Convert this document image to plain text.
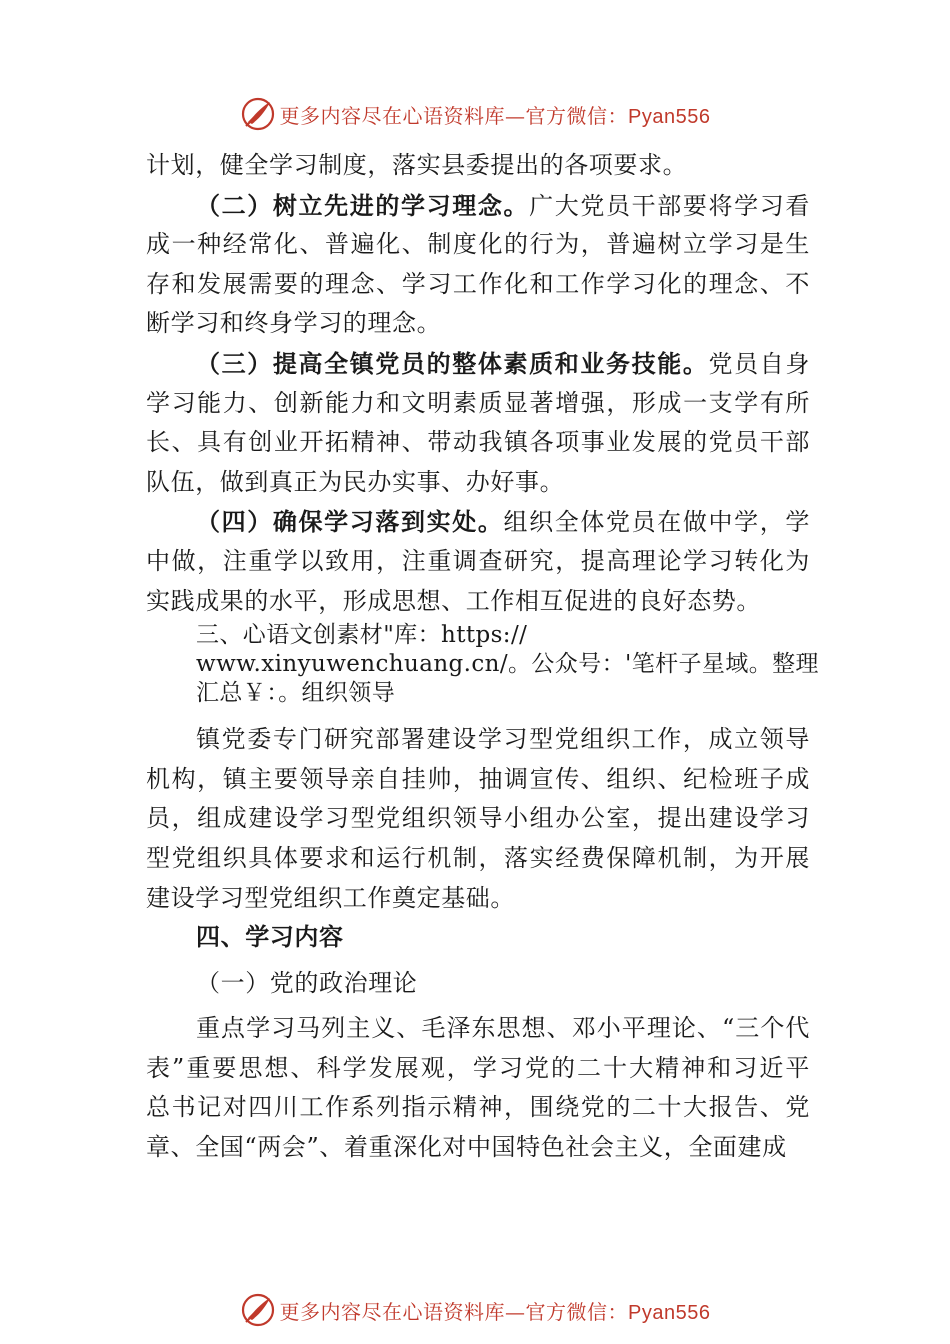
更多内容尽在心语资料库—官方微信：Pyan556
计划，健全学习制度，落实县委提出的各项要求。
（二）树立先进的学习理念。广大党员干部要将学习看
成一种经常化、普遍化、制度化的行为，普遍树立学习是生
存和发展需要的理念、学习工作化和工作学习化的理念、不
断学习和终身学习的理念。
（三）提高全镇党员的整体素质和业务技能。党员自身
学习能力、创新能力和文明素质显著增强，形成一支学有所
长、具有创业开拓精神、带动我镇各项事业发展的党员干部
队伍，做到真正为民办实事、办好事。
（四）确保学习落到实处。组织全体党员在做中学，学
中做，注重学以致用，注重调查研究，提高理论学习转化为
实践成果的水平，形成思想、工作相互促进的良好态势。
三、心语文创素材"库：https://
www.xinyuwenchuang.cn/。公众号：'笔杆子星域。整理
汇总￥：。组织领导
镇党委专门研究部署建设学习型党组织工作，成立领导
机构，镇主要领导亲自挂帅，抽调宣传、组织、纪检班子成
员，组成建设学习型党组织领导小组办公室，提出建设学习
型党组织具体要求和运行机制，落实经费保障机制，为开展
建设学习型党组织工作奠定基础。
四、学习内容
（一）党的政治理论
重点学习马列主义、毛泽东思想、邓小平理论、“三个代
表”重要思想、科学发展观，学习党的二十大精神和习近平
总书记对四川工作系列指示精神，围绕党的二十大报告、党
章、全国“两会”、着重深化对中国特色社会主义，全面建成
更多内容尽在心语资料库—官方微信：Pyan556
